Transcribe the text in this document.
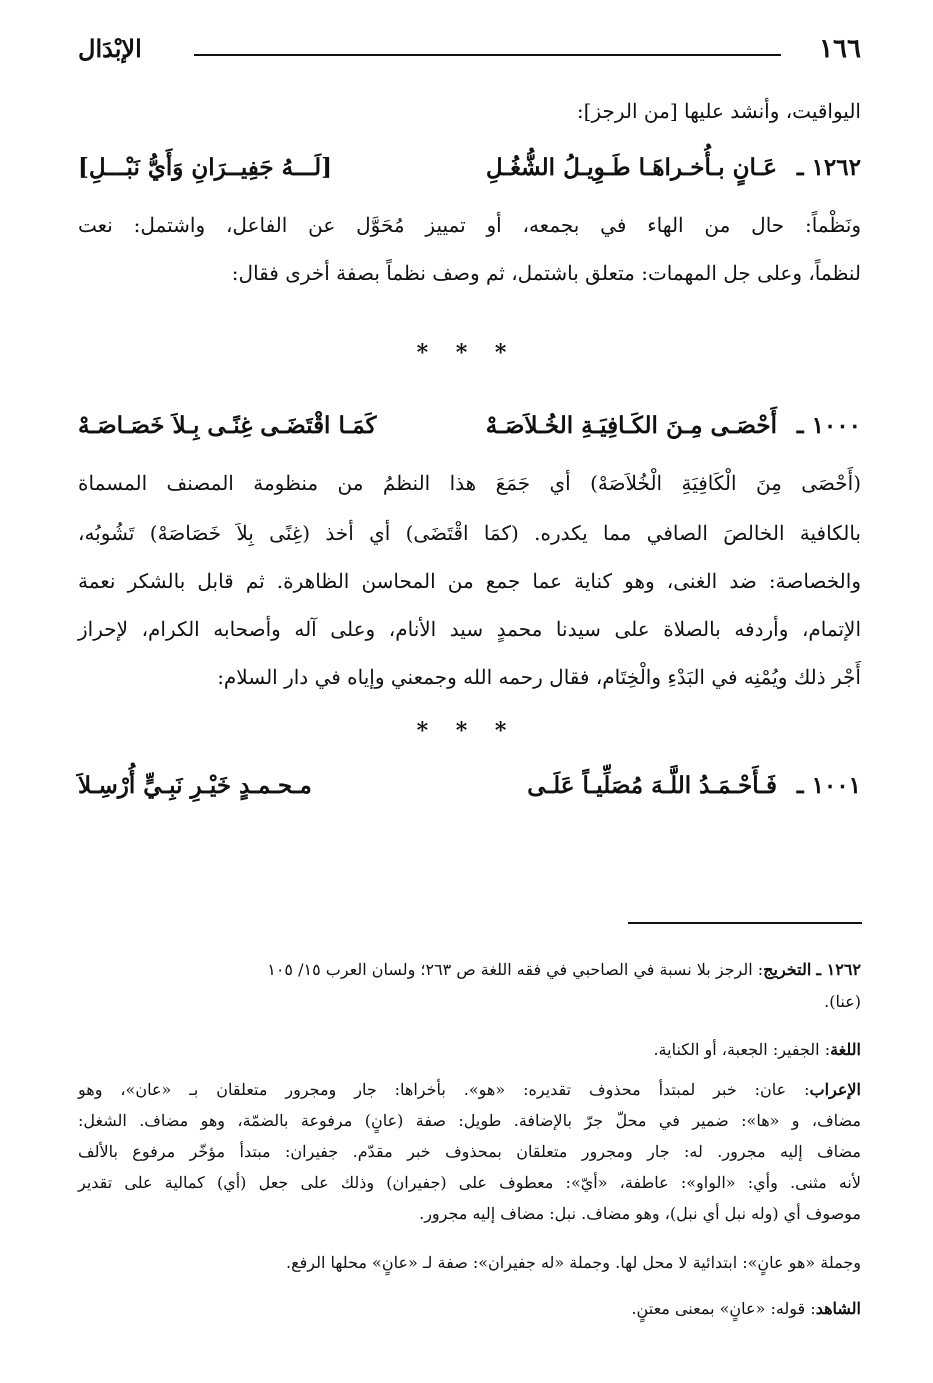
١٦٦
الإبْدَال
اليواقيت، وأنشد عليها [من الرجز]:
١٢٦٢ ـ
عَـانٍ بـأُخـراهَـا طَـوِيـلُ الشُّغُـلِ
[لَـــهُ جَفِيــرَانِ وَأَيُّ نَبْـــلِ]
ونَظْماً: حال من الهاء في بجمعه، أو تمييز مُحَوَّل عن الفاعل، واشتمل: نعت
لنظماً، وعلى جل المهمات: متعلق باشتمل، ثم وصف نظماً بصفة أخرى فقال:
* * *
١٠٠٠ ـ
أَحْصَـى مِـنَ الكَـافِيَـةِ الخُـلاَصَـهْ
كَمَـا اقْتَضَـى غِنًـى بِـلاَ خَصَـاصَـهْ
(أَحْصَى مِنَ الْكَافِيَةِ الْخُلاَصَهْ) أي جَمَعَ هذا النظمُ من منظومة المصنف المسماة
بالكافية الخالصَ الصافي مما يكدره. (كمَا اقْتَضَى) أي أخذ (غِنًى بِلاَ خَصَاصَهْ) تَشُوبُه،
والخصاصة: ضد الغنى، وهو كناية عما جمع من المحاسن الظاهرة. ثم قابل بالشكر نعمة
الإتمام، وأردفه بالصلاة على سيدنا محمدٍ سيد الأنام، وعلى آله وأصحابه الكرام، لإحراز
أَجْر ذلك ويُمْنِه في البَدْءِ والْخِتَام، فقال رحمه الله وجمعني وإياه في دار السلام:
* * *
١٠٠١ ـ
فَـأَحْـمَـدُ اللَّـهَ مُصَلِّيـاً عَلَـى
مـحـمـدٍ خَيْـرِ نَبِـيٍّ أُرْسِـلاَ
١٢٦٢ ـ التخريج: الرجز بلا نسبة في الصاحبي في فقه اللغة ص ٢٦٣؛ ولسان العرب ١٥/ ١٠٥
(عنا).
اللغة: الجفير: الجعبة، أو الكناية.
الإعراب: عان: خبر لمبتدأ محذوف تقديره: «هو». بأخراها: جار ومجرور متعلقان بـ «عان»، وهو
مضاف، و «ها»: ضمير في محلّ جرّ بالإضافة. طويل: صفة (عانٍ) مرفوعة بالضمّة، وهو مضاف. الشغل:
مضاف إليه مجرور. له: جار ومجرور متعلقان بمحذوف خبر مقدّم. جفيران: مبتدأ مؤخّر مرفوع بالألف
لأنه مثنى. وأي: «الواو»: عاطفة، «أيّ»: معطوف على (جفيران) وذلك على جعل (أي) كمالية على تقدير
موصوف أي (وله نبل أي نبل)، وهو مضاف. نبل: مضاف إليه مجرور.
وجملة «هو عانٍ»: ابتدائية لا محل لها. وجملة «له جفيران»: صفة لـ «عانٍ» محلها الرفع.
الشاهد: قوله: «عانٍ» بمعنى معتنٍ.
